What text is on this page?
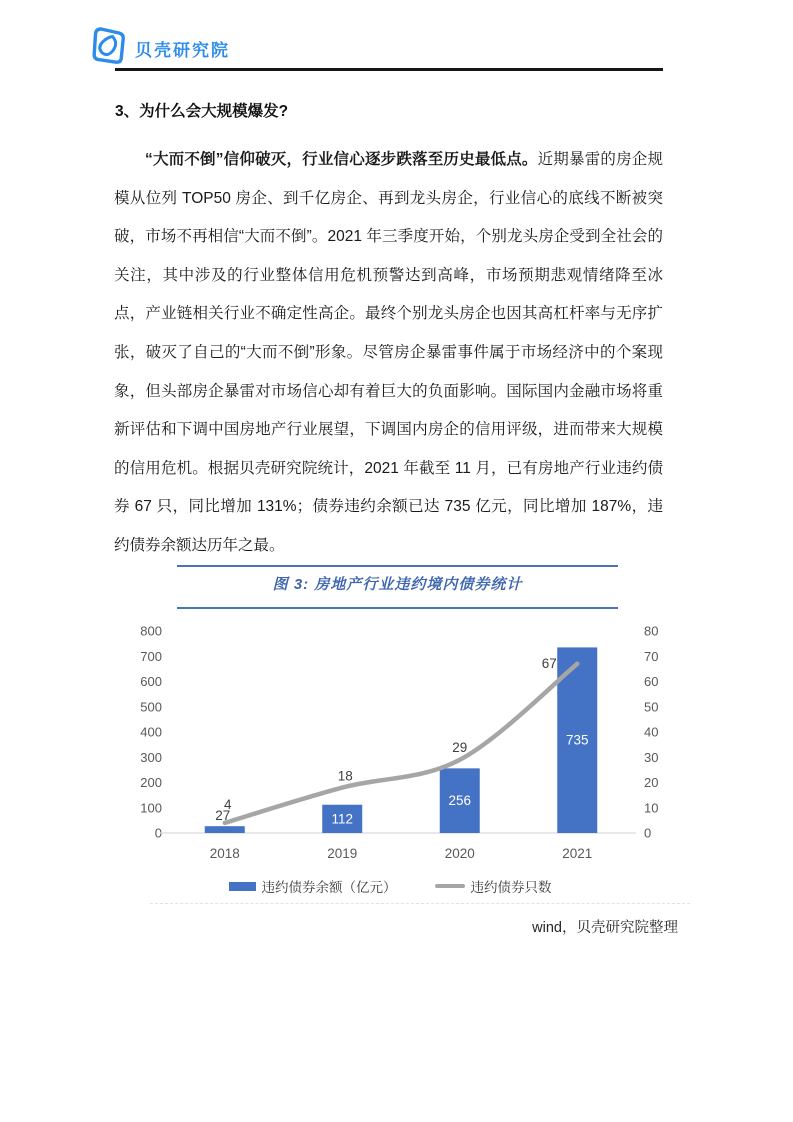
贝壳研究院
3、为什么会大规模爆发?
“大而不倒”信仰破灭，行业信心逐步跌落至历史最低点。近期暴雷的房企规模从位列 TOP50 房企、到千亿房企、再到龙头房企，行业信心的底线不断被突破，市场不再相信“大而不倒”。2021 年三季度开始，个别龙头房企受到全社会的关注，其中涉及的行业整体信用危机预警达到高峰，市场预期悲观情绪降至冰点，产业链相关行业不确定性高企。最终个别龙头房企也因其高杠杆率与无序扩张，破灭了自己的“大而不倒”形象。尽管房企暴雷事件属于市场经济中的个案现象，但头部房企暴雷对市场信心却有着巨大的负面影响。国际国内金融市场将重新评估和下调中国房地产行业展望，下调国内房企的信用评级，进而带来大规模的信用危机。根据贝壳研究院统计，2021 年截至 11 月，已有房地产行业违约债券 67 只，同比增加 131%；债券违约余额已达 735 亿元，同比增加 187%，违约债券余额达历年之最。
图 3: 房地产行业违约境内债券统计
0
100
200
300
400
500
600
700
800
0
10
20
30
40
50
60
70
80
27	112
256
735
4
18
29
67
2018	2019	2020	2021
违约债券余额（亿元）	违约债券只数
wind，贝壳研究院整理
